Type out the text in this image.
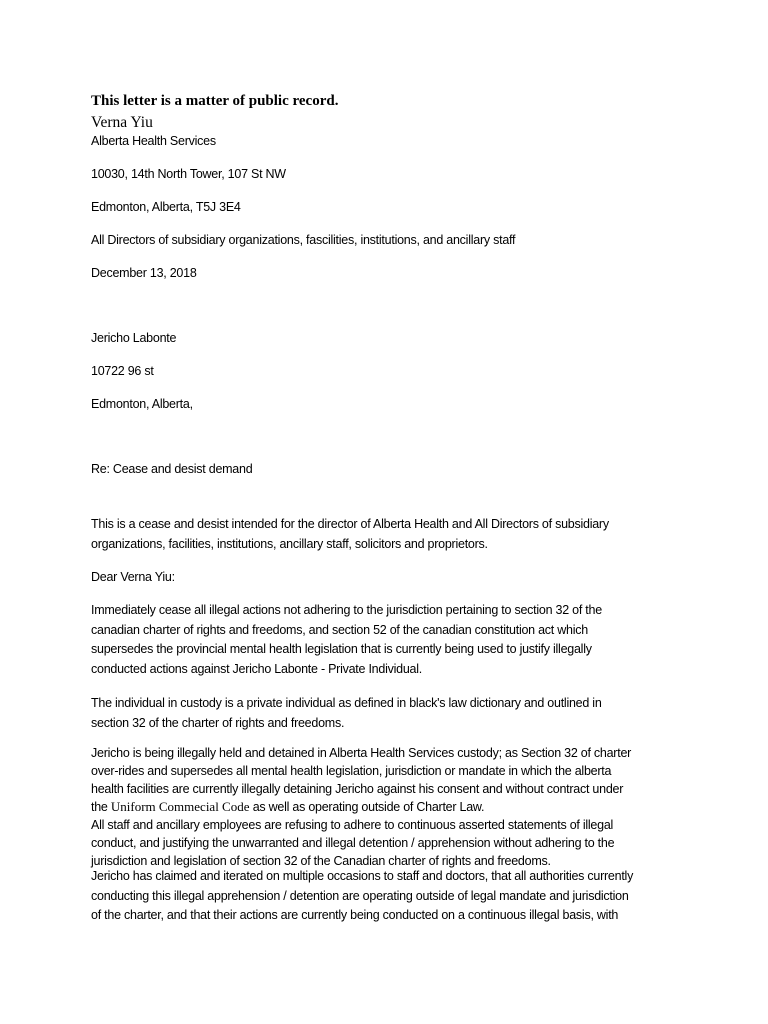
This letter is a matter of public record.
Verna Yiu
Alberta Health Services
10030, 14th North Tower, 107 St NW
Edmonton, Alberta, T5J 3E4
All Directors of subsidiary organizations, fascilities, institutions, and ancillary staff
December 13, 2018
Jericho Labonte
10722 96 st
Edmonton, Alberta,
Re: Cease and desist demand
This is a cease and desist intended for the director of Alberta Health and All Directors of subsidiary
organizations, facilities, institutions, ancillary staff, solicitors and proprietors.
Dear Verna Yiu:
Immediately cease all illegal actions not adhering to the jurisdiction pertaining to section 32 of the
canadian charter of rights and freedoms, and section 52 of the canadian constitution act which
supersedes the provincial mental health legislation that is currently being used to justify illegally
conducted actions against Jericho Labonte - Private Individual.
The individual in custody is a private individual as defined in black's law dictionary and outlined in
section 32 of the charter of rights and freedoms.
Jericho is being illegally held and detained in Alberta Health Services custody; as Section 32 of charter
over-rides and supersedes all mental health legislation, jurisdiction or mandate in which the alberta
health facilities are currently illegally detaining Jericho against his consent and without contract under
the Uniform Commecial Code as well as operating outside of Charter Law.
All staff and ancillary employees are refusing to adhere to continuous asserted statements of illegal
conduct, and justifying the unwarranted and illegal detention / apprehension without adhering to the
jurisdiction and legislation of section 32 of the Canadian charter of rights and freedoms.
Jericho has claimed and iterated on multiple occasions to staff and doctors, that all authorities currently
conducting this illegal apprehension / detention are operating outside of legal mandate and jurisdiction
of the charter, and that their actions are currently being conducted on a continuous illegal basis, with
